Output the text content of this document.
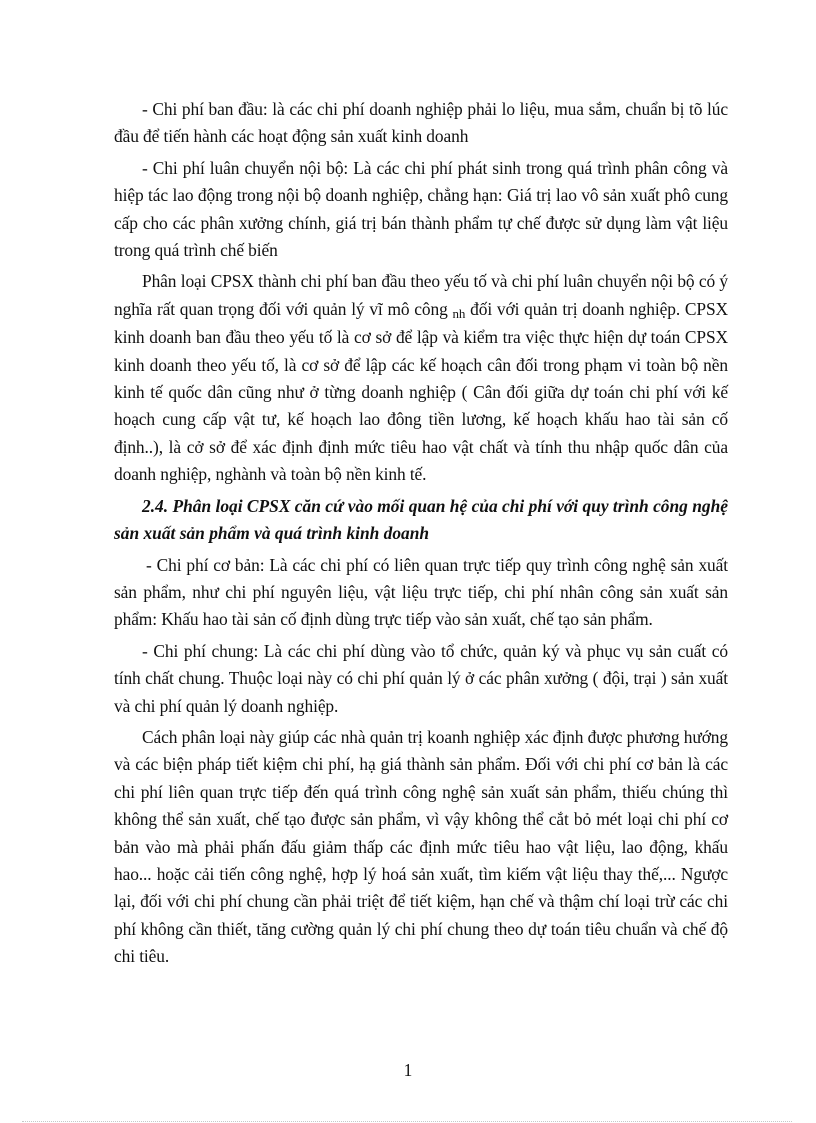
- Chi phí ban đầu: là các chi phí doanh nghiệp phải lo liệu, mua sắm, chuẩn bị tõ lúc đầu để tiến hành các hoạt động sản xuất kinh doanh

- Chi phí luân chuyển nội bộ: Là các chi phí phát sinh trong quá trình phân công và hiệp tác lao động trong nội bộ doanh nghiệp, chẳng hạn: Giá trị lao vô sản xuất phô cung cấp cho các phân xưởng chính, giá trị bán thành phẩm tự chế được sử dụng làm vật liệu trong quá trình chế biến

Phân loại CPSX thành chi phí ban đầu theo yếu tố và chi phí luân chuyển nội bộ có ý nghĩa rất quan trọng đối với quản lý vĩ mô công nh đối với quản trị doanh nghiệp. CPSX kinh doanh ban đầu theo yếu tố là cơ sở để lập và kiểm tra việc thực hiện dự toán CPSX kinh doanh theo yếu tố, là cơ sở để lập các kế hoạch cân đối trong phạm vi toàn bộ nền kinh tế quốc dân cũng như ở từng doanh nghiệp ( Cân đối giữa dự toán chi phí với kế hoạch cung cấp vật tư, kế hoạch lao đông tiền lương, kế hoạch khấu hao tài sản cố định..), là cở sở để xác định định mức tiêu hao vật chất và tính thu nhập quốc dân của doanh nghiệp, nghành và toàn bộ nền kinh tế.

2.4. Phân loại CPSX căn cứ vào mối quan hệ của chi phí với quy trình công nghệ sản xuất sản phẩm và quá trình kinh doanh

- Chi phí cơ bản: Là các chi phí có liên quan trực tiếp quy trình công nghệ sản xuất sản phẩm, như chi phí nguyên liệu, vật liệu trực tiếp, chi phí nhân công sản xuất sản phẩm: Khấu hao tài sản cố định dùng trực tiếp vào sản xuất, chế tạo sản phẩm.

- Chi phí chung: Là các chi phí dùng vào tổ chức, quản ký và phục vụ sản cuất có tính chất chung. Thuộc loại này có chi phí quản lý ở các phân xưởng ( đội, trại ) sản xuất và chi phí quản lý doanh nghiệp.

Cách phân loại này giúp các nhà quản trị koanh nghiệp xác định được phương hướng và các biện pháp tiết kiệm chi phí, hạ giá thành sản phẩm. Đối với chi phí cơ bản là các chi phí liên quan trực tiếp đến quá trình công nghệ sản xuất sản phẩm, thiếu chúng thì không thể sản xuất, chế tạo được sản phẩm, vì vậy không thể cắt bỏ mét loại chi phí cơ bản vào mà phải phấn đấu giảm thấp các định mức tiêu hao vật liệu, lao động, khấu hao... hoặc cải tiến công nghệ, hợp lý hoá sản xuất, tìm kiếm vật liệu thay thế,... Ngược lại, đối với chi phí chung cần phải triệt để tiết kiệm, hạn chế và thậm chí loại trừ các chi phí không cần thiết, tăng cường quản lý chi phí chung theo dự toán tiêu chuẩn và chế độ chi tiêu.

1
